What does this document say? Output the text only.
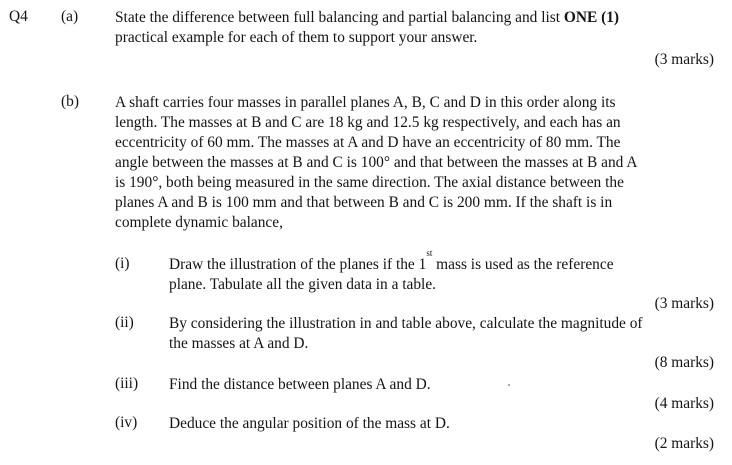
Q4 (a) State the difference between full balancing and partial balancing and list ONE (1)
practical example for each of them to support your answer.
(3 marks)
(b) A shaft carries four masses in parallel planes A, B, C and D in this order along its
length. The masses at B and C are 18 kg and 12.5 kg respectively, and each has an
eccentricity of 60 mm. The masses at A and D have an eccentricity of 80 mm. The
angle between the masses at B and C is 100° and that between the masses at B and A
is 190°, both being measured in the same direction. The axial distance between the
planes A and B is 100 mm and that between B and C is 200 mm. If the shaft is in
complete dynamic balance,
(i)	Draw the illustration of the planes if the 1st mass is used as the reference
plane. Tabulate all the given data in a table.
(3 marks)
(ii) By considering the illustration in and table above, calculate the magnitude of
the masses at A and D.
(8 marks)
(iii) Find the distance between planes A and D.
(4 marks)
(iv) Deduce the angular position of the mass at D.
(2 marks)
